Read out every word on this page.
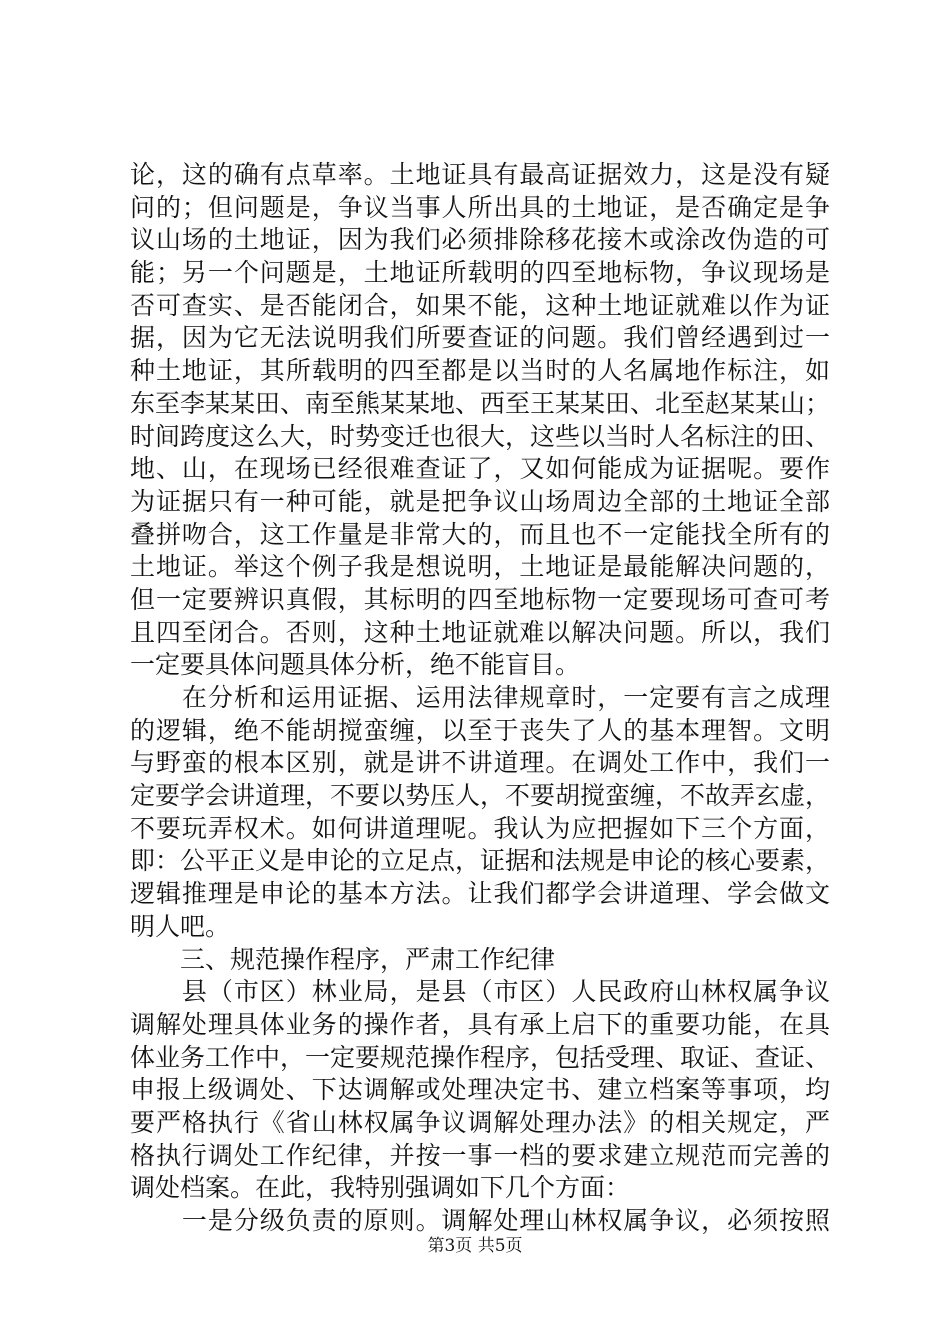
论，这的确有点草率。土地证具有最高证据效力，这是没有疑
问的；但问题是，争议当事人所出具的土地证，是否确定是争
议山场的土地证，因为我们必须排除移花接木或涂改伪造的可
能；另一个问题是，土地证所载明的四至地标物，争议现场是
否可查实、是否能闭合，如果不能，这种土地证就难以作为证
据，因为它无法说明我们所要查证的问题。我们曾经遇到过一
种土地证，其所载明的四至都是以当时的人名属地作标注，如
东至李某某田、南至熊某某地、西至王某某田、北至赵某某山；
时间跨度这么大，时势变迁也很大，这些以当时人名标注的田、
地、山，在现场已经很难查证了，又如何能成为证据呢。要作
为证据只有一种可能，就是把争议山场周边全部的土地证全部
叠拼吻合，这工作量是非常大的，而且也不一定能找全所有的
土地证。举这个例子我是想说明，土地证是最能解决问题的，
但一定要辨识真假，其标明的四至地标物一定要现场可查可考
且四至闭合。否则，这种土地证就难以解决问题。所以，我们
一定要具体问题具体分析，绝不能盲目。
　　在分析和运用证据、运用法律规章时，一定要有言之成理
的逻辑，绝不能胡搅蛮缠，以至于丧失了人的基本理智。文明
与野蛮的根本区别，就是讲不讲道理。在调处工作中，我们一
定要学会讲道理，不要以势压人，不要胡搅蛮缠，不故弄玄虚，
不要玩弄权术。如何讲道理呢。我认为应把握如下三个方面，
即：公平正义是申论的立足点，证据和法规是申论的核心要素，
逻辑推理是申论的基本方法。让我们都学会讲道理、学会做文
明人吧。
　　三、规范操作程序，严肃工作纪律
　　县（市区）林业局，是县（市区）人民政府山林权属争议
调解处理具体业务的操作者，具有承上启下的重要功能，在具
体业务工作中，一定要规范操作程序，包括受理、取证、查证、
申报上级调处、下达调解或处理决定书、建立档案等事项，均
要严格执行《省山林权属争议调解处理办法》的相关规定，严
格执行调处工作纪律，并按一事一档的要求建立规范而完善的
调处档案。在此，我特别强调如下几个方面：
　　一是分级负责的原则。调解处理山林权属争议，必须按照
第3页 共5页
